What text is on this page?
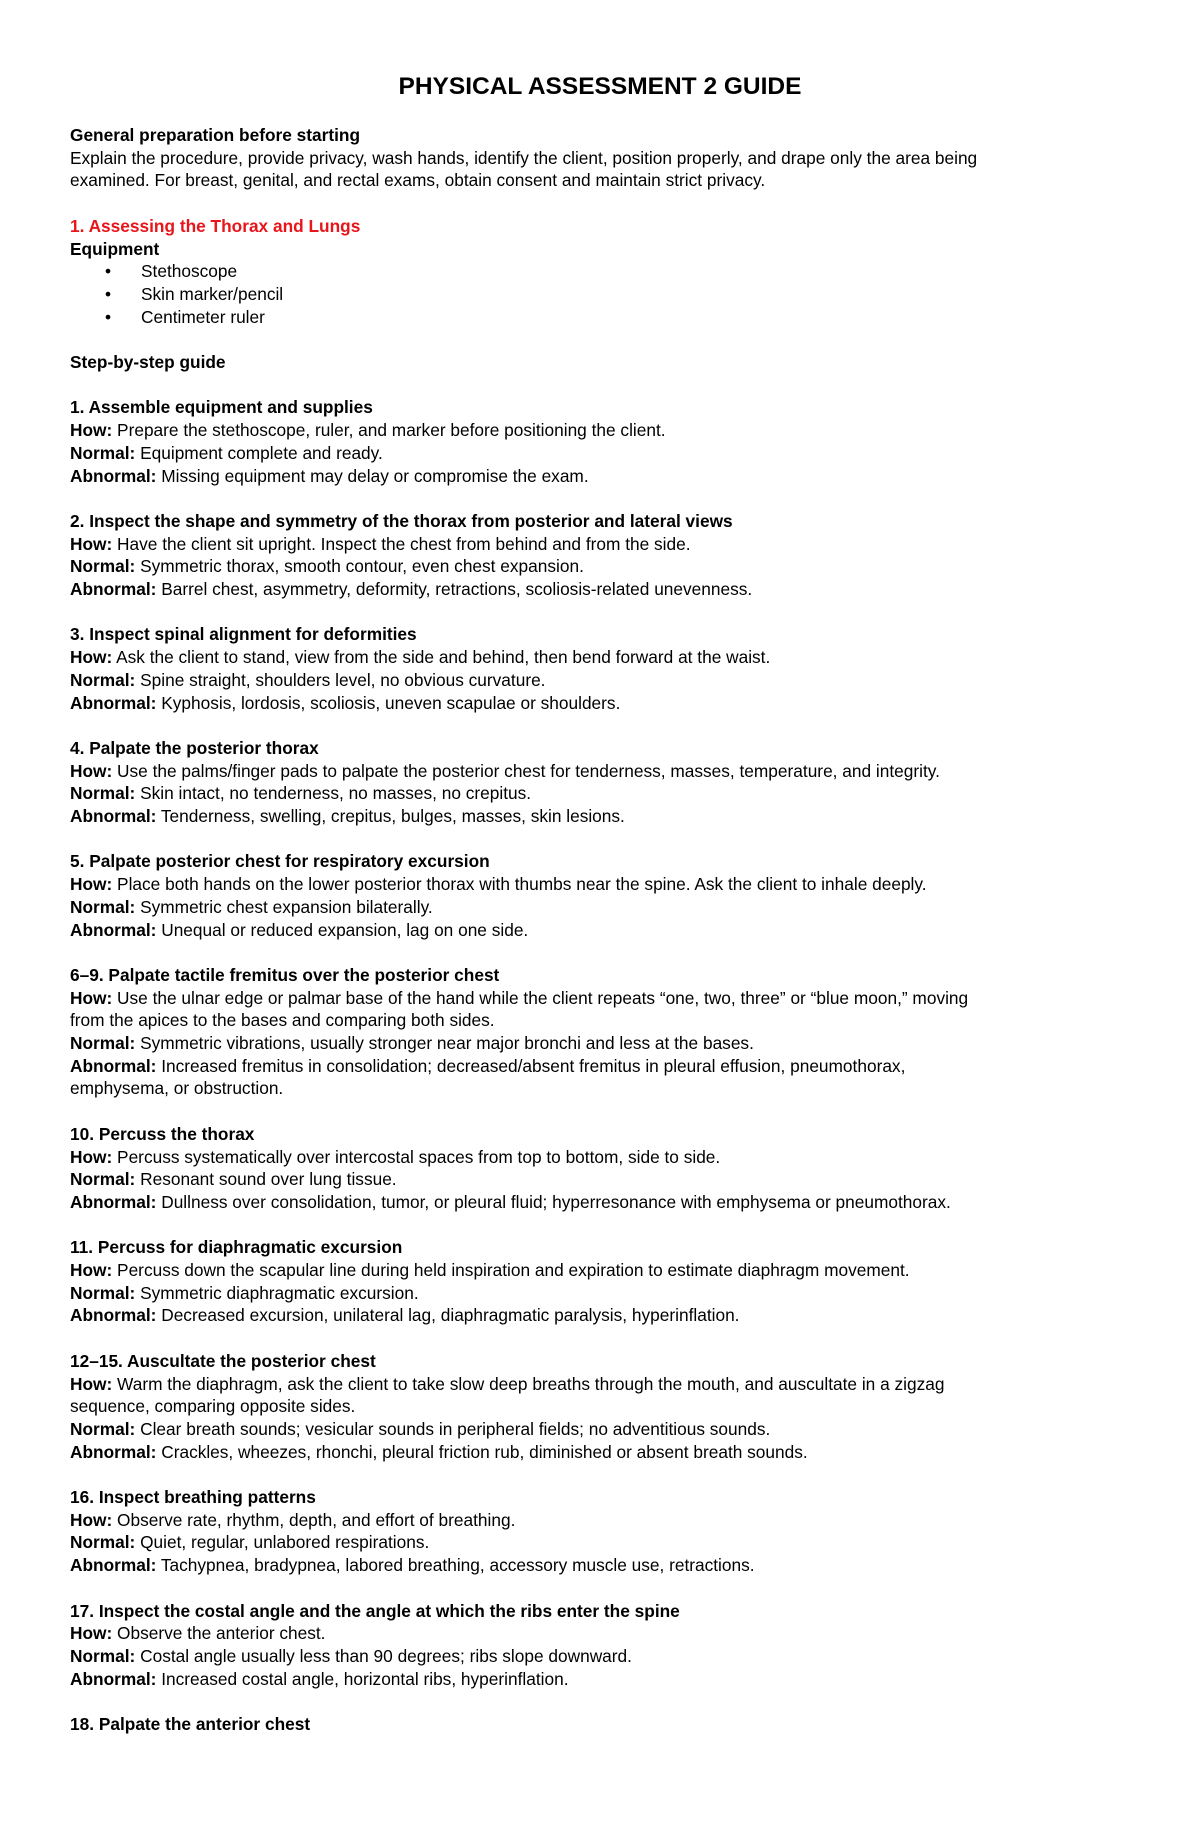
PHYSICAL ASSESSMENT 2 GUIDE

General preparation before starting

Explain the procedure, provide privacy, wash hands, identify the client, position properly, and drape only the area being

examined. For breast, genital, and rectal exams, obtain consent and maintain strict privacy.

1. Assessing the Thorax and Lungs

Equipment

• Stethoscope
• Skin marker/pencil
• Centimeter ruler

Step-by-step guide

1. Assemble equipment and supplies

How: Prepare the stethoscope, ruler, and marker before positioning the client.

Normal: Equipment complete and ready.

Abnormal: Missing equipment may delay or compromise the exam.

2. Inspect the shape and symmetry of the thorax from posterior and lateral views

How: Have the client sit upright. Inspect the chest from behind and from the side.

Normal: Symmetric thorax, smooth contour, even chest expansion.

Abnormal: Barrel chest, asymmetry, deformity, retractions, scoliosis-related unevenness.

3. Inspect spinal alignment for deformities

How: Ask the client to stand, view from the side and behind, then bend forward at the waist.

Normal: Spine straight, shoulders level, no obvious curvature.

Abnormal: Kyphosis, lordosis, scoliosis, uneven scapulae or shoulders.

4. Palpate the posterior thorax

How: Use the palms/finger pads to palpate the posterior chest for tenderness, masses, temperature, and integrity.

Normal: Skin intact, no tenderness, no masses, no crepitus.

Abnormal: Tenderness, swelling, crepitus, bulges, masses, skin lesions.

5. Palpate posterior chest for respiratory excursion

How: Place both hands on the lower posterior thorax with thumbs near the spine. Ask the client to inhale deeply.

Normal: Symmetric chest expansion bilaterally.

Abnormal: Unequal or reduced expansion, lag on one side.

6–9. Palpate tactile fremitus over the posterior chest

How: Use the ulnar edge or palmar base of the hand while the client repeats “one, two, three” or “blue moon,” moving

from the apices to the bases and comparing both sides.

Normal: Symmetric vibrations, usually stronger near major bronchi and less at the bases.

Abnormal: Increased fremitus in consolidation; decreased/absent fremitus in pleural effusion, pneumothorax,

emphysema, or obstruction.

10. Percuss the thorax

How: Percuss systematically over intercostal spaces from top to bottom, side to side.

Normal: Resonant sound over lung tissue.

Abnormal: Dullness over consolidation, tumor, or pleural fluid; hyperresonance with emphysema or pneumothorax.

11. Percuss for diaphragmatic excursion

How: Percuss down the scapular line during held inspiration and expiration to estimate diaphragm movement.

Normal: Symmetric diaphragmatic excursion.

Abnormal: Decreased excursion, unilateral lag, diaphragmatic paralysis, hyperinflation.

12–15. Auscultate the posterior chest

How: Warm the diaphragm, ask the client to take slow deep breaths through the mouth, and auscultate in a zigzag

sequence, comparing opposite sides.

Normal: Clear breath sounds; vesicular sounds in peripheral fields; no adventitious sounds.

Abnormal: Crackles, wheezes, rhonchi, pleural friction rub, diminished or absent breath sounds.

16. Inspect breathing patterns

How: Observe rate, rhythm, depth, and effort of breathing.

Normal: Quiet, regular, unlabored respirations.

Abnormal: Tachypnea, bradypnea, labored breathing, accessory muscle use, retractions.

17. Inspect the costal angle and the angle at which the ribs enter the spine

How: Observe the anterior chest.

Normal: Costal angle usually less than 90 degrees; ribs slope downward.

Abnormal: Increased costal angle, horizontal ribs, hyperinflation.

18. Palpate the anterior chest
